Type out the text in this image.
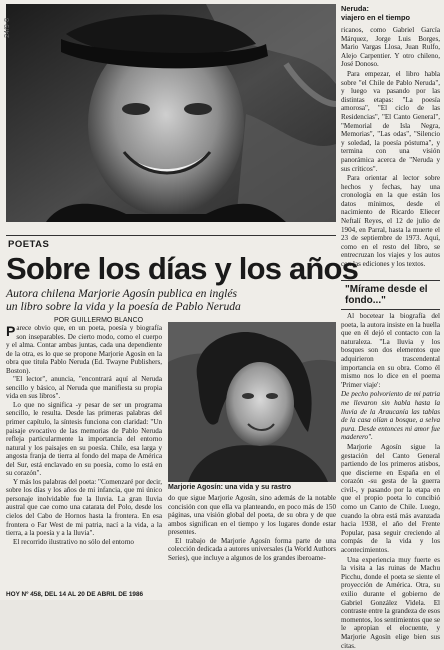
24/9-8
Neruda:
viajero en el tiempo

ricanos, como Gabriel García Márquez, Jorge Luis Borges, Mario Vargas Llosa, Juan Rulfo, Alejo Carpentier. Y otro chileno, José Donoso.

Para empezar, el libro habla sobre "el Chile de Pablo Neruda", y luego va pasando por las distintas etapas: "La poesía amorosa", "El ciclo de las Residencias", "El Canto General", "Memorial de Isla Negra, Memorias", "Las odas", "Silencio y soledad, la poesía póstuma", y termina con una visión panorámica acerca de "Neruda y sus críticos".

Para orientar al lector sobre hechos y fechas, hay una cronología en la que están los datos mínimos, desde el nacimiento de Ricardo Eliecer Neftalí Reyes, el 12 de julio de 1904, en Parral, hasta la muerte el 23 de septiembre de 1973. Aquí, como en el resto del libro, se entrecruzan los viajes y los autos con las ediciones y los textos.

POETAS
Sobre los días y los años
Autora chilena Marjorie Agosín publica en inglés
un libro sobre la vida y la poesía de Pablo Neruda
POR GUILLERMO BLANCO

Parece obvio que, en un poeta, poesía y biografía son inseparables. De cierto modo, como el cuerpo y el alma. Contar ambas juntas, cada una dependiente de la otra, es lo que se propone Marjorie Agosín en la obra que titula Pablo Neruda (Ed. Twayne Publishers, Boston).

"El lector", anuncia, "encontrará aquí al Neruda sencillo y básico, al Neruda que manifiesta su propia vida en sus libros".

Lo que no significa -y pesar de ser un programa sencillo, le resulta. Desde las primeras palabras del primer capítulo, la síntesis funciona con claridad: "Un paisaje evocativo de las memorias de Pablo Neruda refleja particularmente la importancia del entorno natural y los paisajes en su poesía. Chile, esa larga y angosta franja de tierra al fondo del mapa de América del Sur, está enclavado en su poesía, como lo está en su corazón".

Y más los palabras del poeta: "Comenzaré por decir, sobre los días y los años de mi infancia, que mi único personaje inolvidable fue la lluvia. La gran lluvia austral que cae como una catarata del Polo, desde los cielos del Cabo de Hornos hasta la frontera. En esa frontera o Far West de mi patria, nací a la vida, a la tierra, a la poesía y a la lluvia".

El recorrido ilustrativo no sólo del entorno

Marjorie Agosín: una vida y su rastro

do que sigue Marjorie Agosín, sino además de la notable concisión con que ella va planteando, en poco más de 150 páginas, una visión global del poeta, de su obra y de que ambos significan en el tiempo y los lugares donde estar presentes.

El trabajo de Marjorie Agosín forma parte de una colección dedicada a autores universales (la World Authors Series), que incluye a algunos de los grandes iberoame-

"Mírame desde el fondo..."

Al bocetear la biografía del poeta, la autora insiste en la huella que en él dejó el contacto con la naturaleza. "La lluvia y los bosques son dos elementos que adquirieron trascendental importancia en su obra. Como él mismo nos lo dice en el poema 'Primer viaje':

De pecho polvoriento de mi patria me llevaron sin habla hasta la lluvia de la Araucanía las tablas de la casa olían a bosque, a selva pura. Desde entonces mi amor fue maderero".

Marjorie Agosín sigue la gestación del Canto General partiendo de los primeros atisbos, que discierne en España en el corazón -su gesta de la guerra civil-, y pasando por la etapa en que el propio poeta lo concibió como un Canto de Chile. Luego, cuando la obra está más avanzada hacia 1938, el año del Frente Popular, pasa seguir creciendo al compás de la vida y los acontecimientos.

Una experiencia muy fuerte es la visita a las ruinas de Machu Picchu, donde el poeta se siente el proyección de América. Otra, su exilio durante el gobierno de Gabriel González Videla. El contraste entre la grandeza de esos momentos, los sentimientos que se le apropian el elocuente, y Marjorie Agosín elige bien sus citas.

HOY Nº 458, DEL 14 AL 20 DE ABRIL DE 1986
